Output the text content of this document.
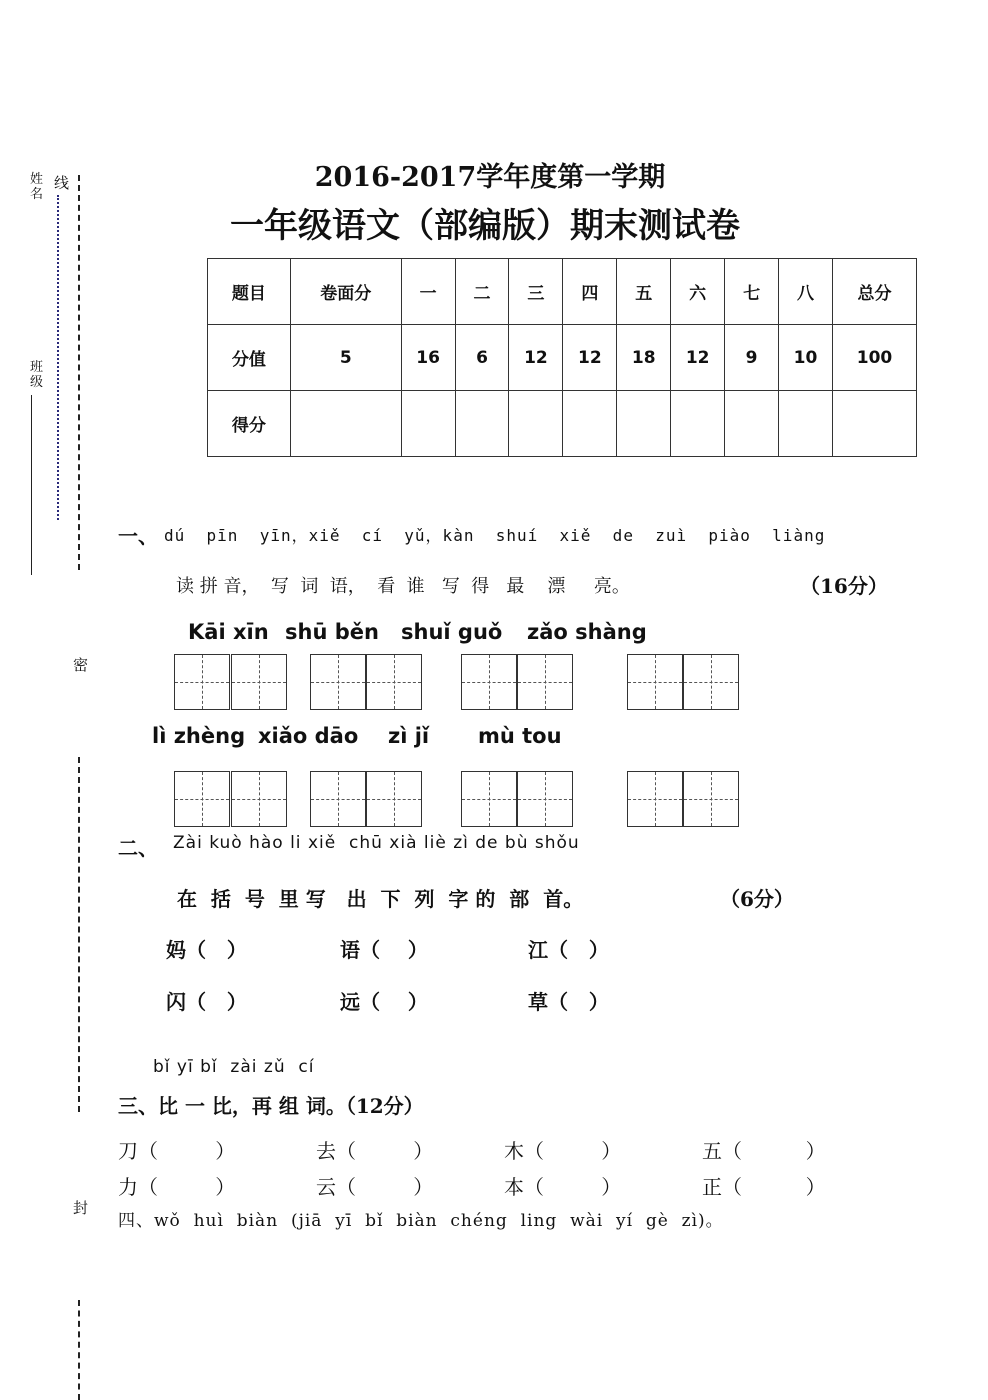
姓名
线
班级
密
封
2016-2017学年度第一学期
一年级语文（部编版）期末测试卷
题目	卷面分	一	二	三	四	五	六	七	八	总分
分值	5	16	6	12	12	18	12	9	10	100
得分										
一、 dú  pīn  yīn，xiě  cí  yǔ，kàn  shuí  xiě  de  zuì  piào  liàng
读 拼 音，  写  词  语，  看  谁   写  得   最    漂     亮。	（16分）
Kāi xīn shū běn shuǐ guǒ zǎo shàng
lì zhèng xiǎo dāo zì jǐ mù tou
二、 Zài kuò hào li xiě  chū xià liè zì de bù shǒu
在  括  号  里 写   出  下  列  字 的  部  首。	（6分）
妈（   ）	语（    ）	江（   ）
闪（   ）	远（    ）	草（   ）
bǐ yī bǐ  zài zǔ  cí
三、比 一 比，再 组 词。（12分）
刀（         ）	去（         ）	木（         ）	五（          ）
力（         ）	云（         ）	本（         ）	正（          ）
四、wǒ  huì  biàn  (jiā  yī  bǐ  biàn  chéng  ling  wài  yí  gè  zì)。
